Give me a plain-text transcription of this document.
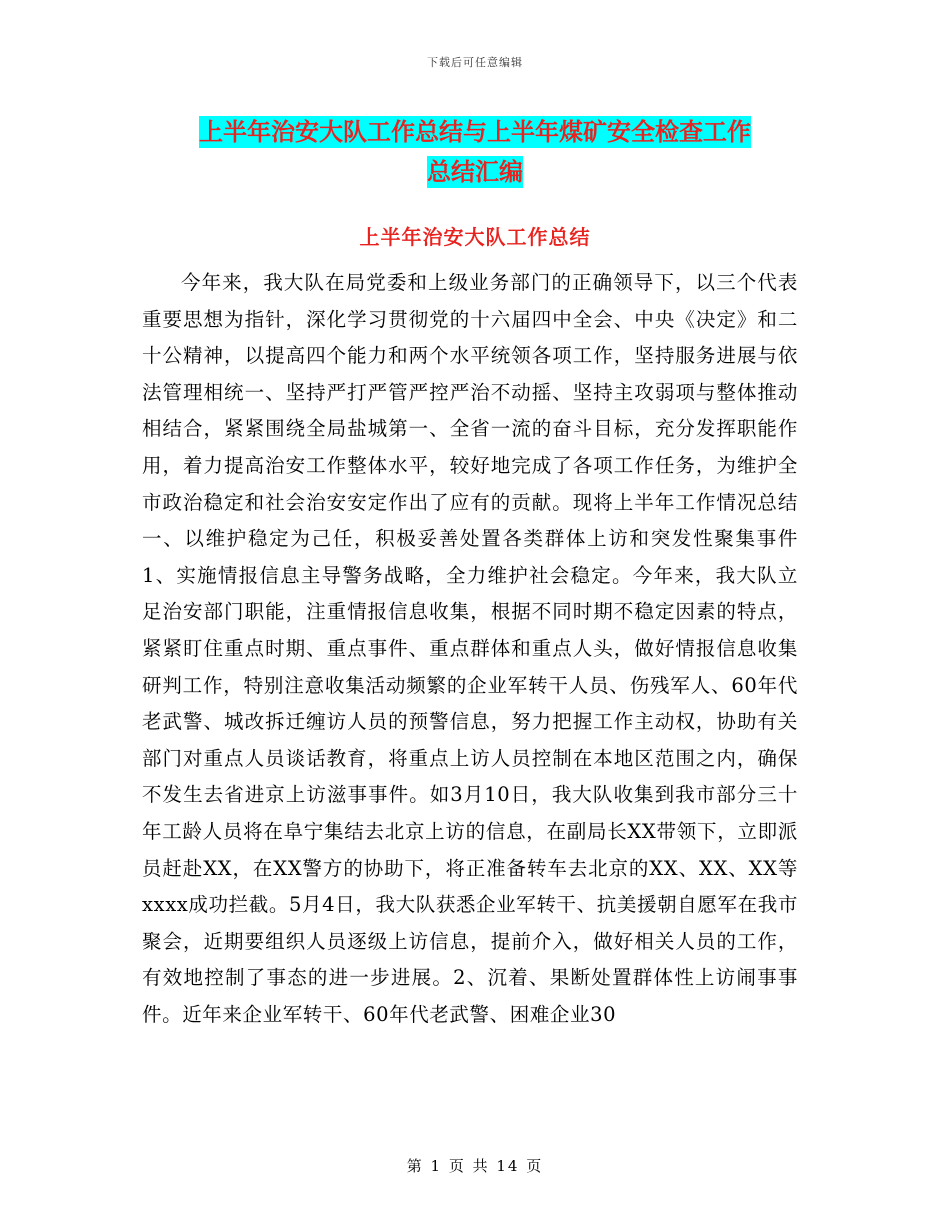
下载后可任意编辑
上半年治安大队工作总结与上半年煤矿安全检查工作
总结汇编
上半年治安大队工作总结

今年来，我大队在局党委和上级业务部门的正确领导下，以三个代表重要思想为指针，深化学习贯彻党的十六届四中全会、中央《决定》和二十公精神，以提高四个能力和两个水平统领各项工作，坚持服务进展与依法管理相统一、坚持严打严管严控严治不动摇、坚持主攻弱项与整体推动相结合，紧紧围绕全局盐城第一、全省一流的奋斗目标，充分发挥职能作用，着力提高治安工作整体水平，较好地完成了各项工作任务，为维护全市政治稳定和社会治安安定作出了应有的贡献。现将上半年工作情况总结一、以维护稳定为己任，积极妥善处置各类群体上访和突发性聚集事件1、实施情报信息主导警务战略，全力维护社会稳定。今年来，我大队立足治安部门职能，注重情报信息收集，根据不同时期不稳定因素的特点，紧紧盯住重点时期、重点事件、重点群体和重点人头，做好情报信息收集研判工作，特别注意收集活动频繁的企业军转干人员、伤残军人、60年代老武警、城改拆迁缠访人员的预警信息，努力把握工作主动权，协助有关部门对重点人员谈话教育，将重点上访人员控制在本地区范围之内，确保不发生去省进京上访滋事事件。如3月10日，我大队收集到我市部分三十年工龄人员将在阜宁集结去北京上访的信息，在副局长XX带领下，立即派员赶赴XX，在XX警方的协助下，将正准备转车去北京的XX、XX、XX等xxxx成功拦截。5月4日，我大队获悉企业军转干、抗美援朝自愿军在我市聚会，近期要组织人员逐级上访信息，提前介入，做好相关人员的工作，有效地控制了事态的进一步进展。2、沉着、果断处置群体性上访闹事事件。近年来企业军转干、60年代老武警、困难企业30

第 1 页 共 14 页
